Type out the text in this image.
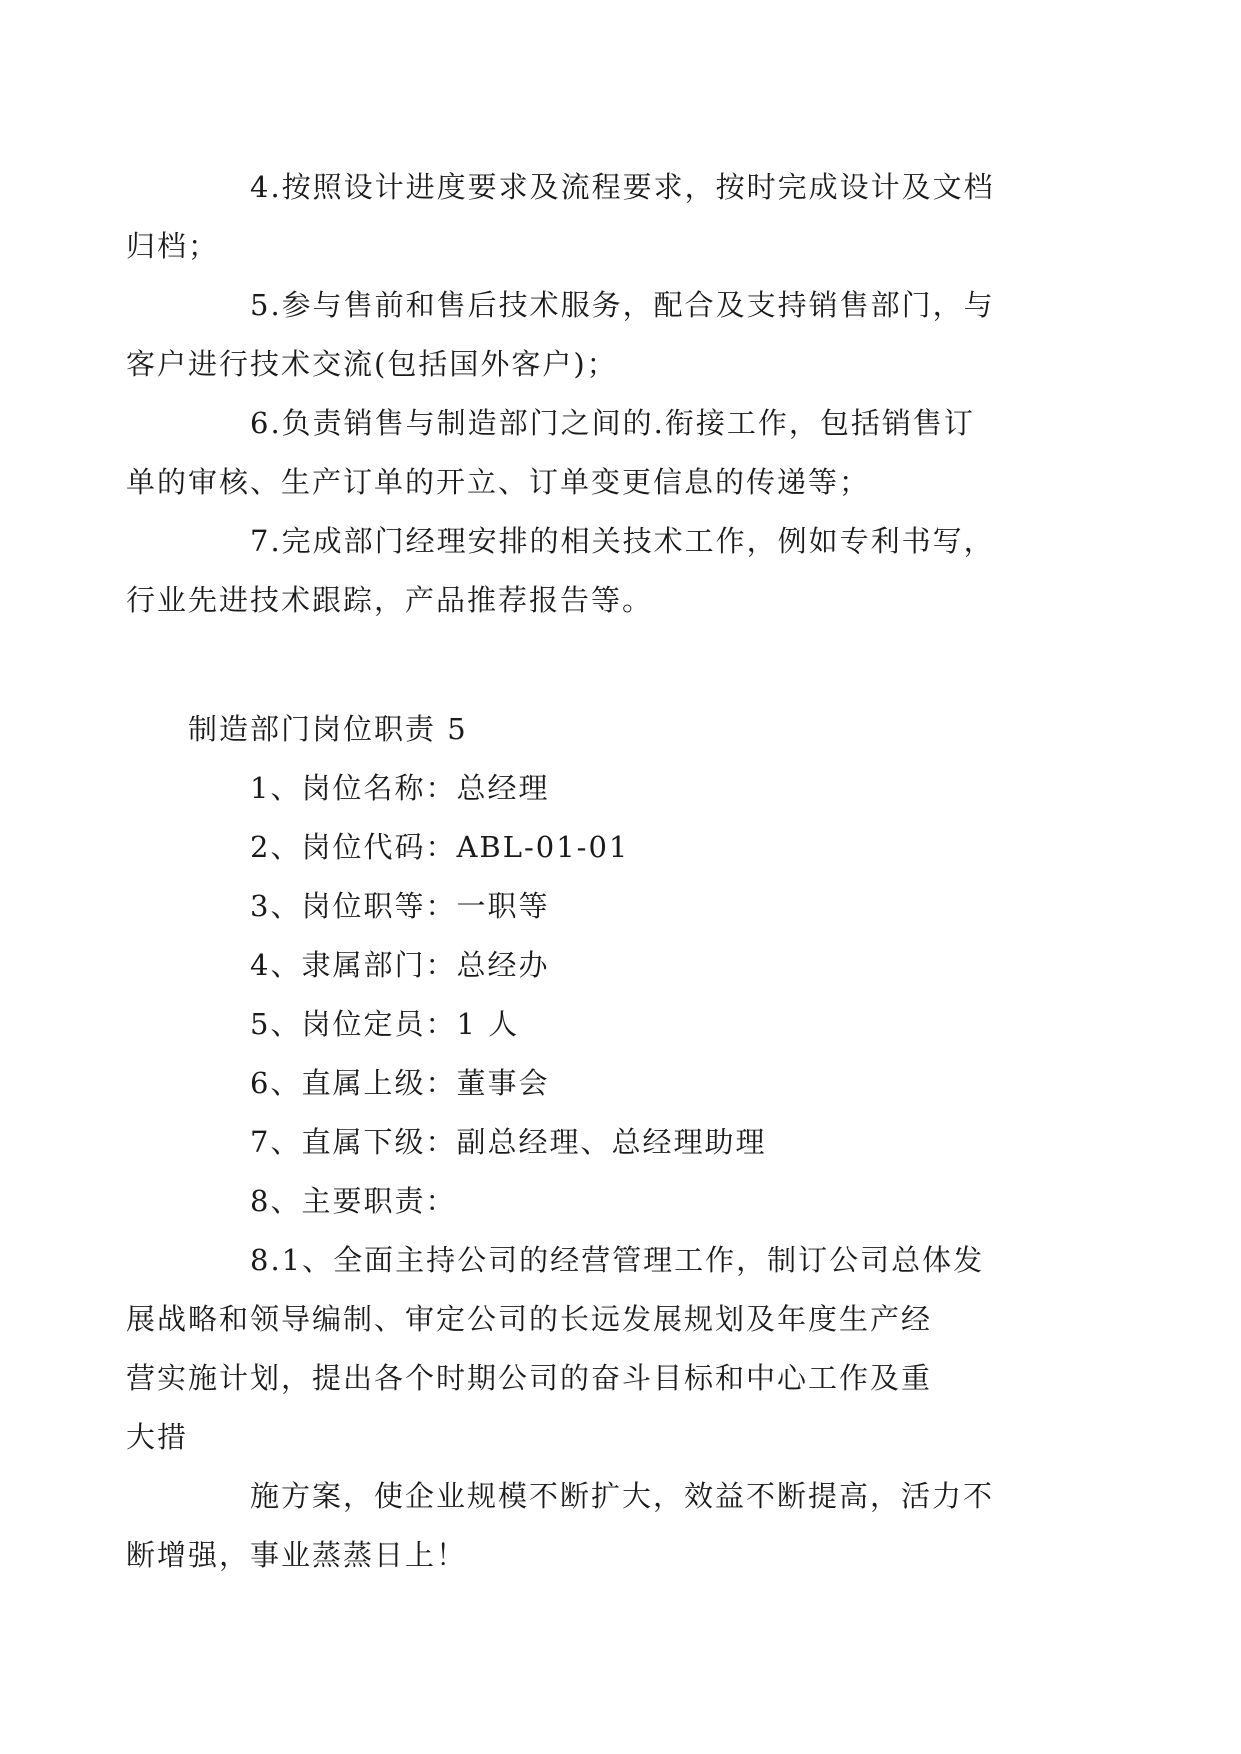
4.按照设计进度要求及流程要求，按时完成设计及文档
归档；
5.参与售前和售后技术服务，配合及支持销售部门，与
客户进行技术交流(包括国外客户)；
6.负责销售与制造部门之间的.衔接工作，包括销售订
单的审核、生产订单的开立、订单变更信息的传递等；
7.完成部门经理安排的相关技术工作，例如专利书写，
行业先进技术跟踪，产品推荐报告等。

制造部门岗位职责 5

1、岗位名称：总经理

2、岗位代码：ABL-01-01

3、岗位职等：一职等

4、隶属部门：总经办

5、岗位定员：1 人

6、直属上级：董事会

7、直属下级：副总经理、总经理助理

8、主要职责：

8.1、全面主持公司的经营管理工作，制订公司总体发
展战略和领导编制、审定公司的长远发展规划及年度生产经
营实施计划，提出各个时期公司的奋斗目标和中心工作及重
大措
施方案，使企业规模不断扩大，效益不断提高，活力不
断增强，事业蒸蒸日上！
